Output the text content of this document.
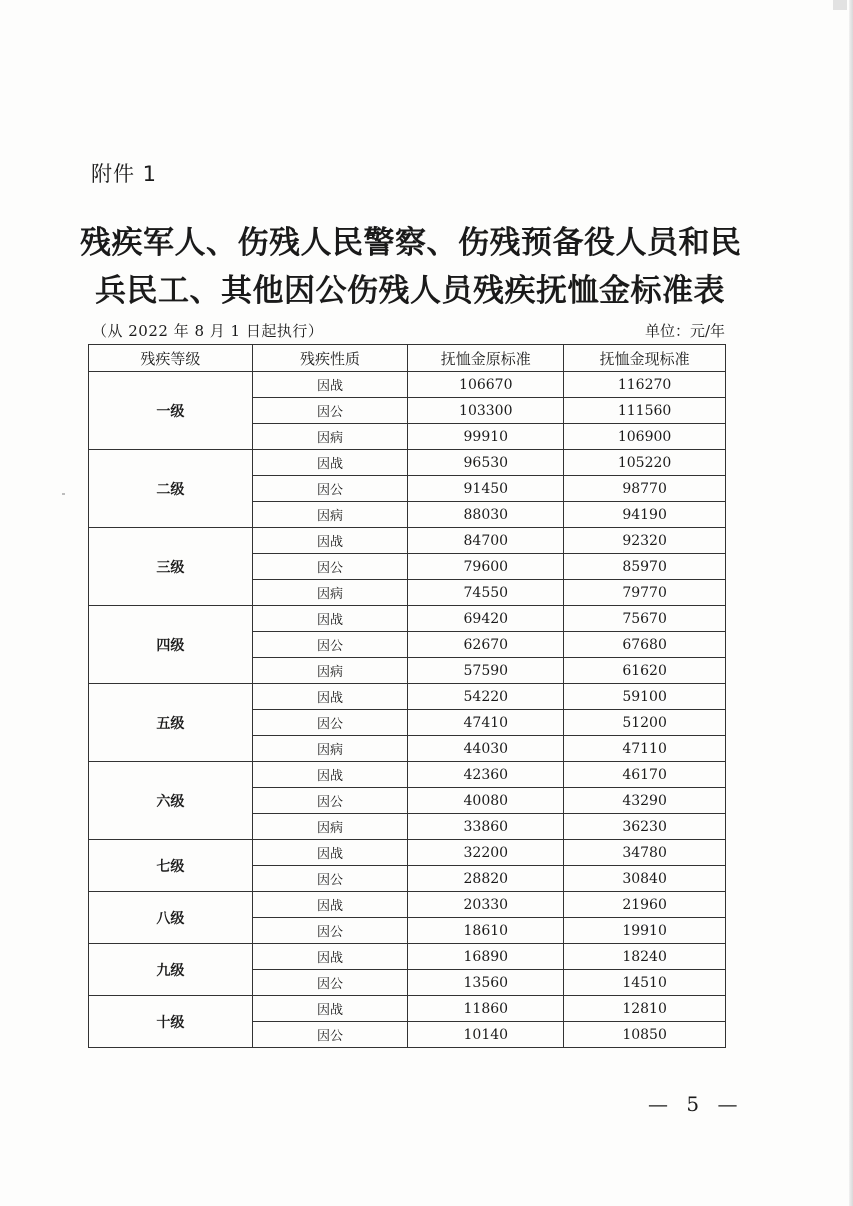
附件 1
残疾军人、伤残人民警察、伤残预备役人员和民
兵民工、其他因公伤残人员残疾抚恤金标准表
（从 2022 年 8 月 1 日起执行）	单位：元/年
残疾等级	残疾性质	抚恤金原标准	抚恤金现标准
一级	因战	106670	116270
	因公	103300	111560
	因病	99910	106900
二级	因战	96530	105220
	因公	91450	98770
	因病	88030	94190
三级	因战	84700	92320
	因公	79600	85970
	因病	74550	79770
四级	因战	69420	75670
	因公	62670	67680
	因病	57590	61620
五级	因战	54220	59100
	因公	47410	51200
	因病	44030	47110
六级	因战	42360	46170
	因公	40080	43290
	因病	33860	36230
七级	因战	32200	34780
	因公	28820	30840
八级	因战	20330	21960
	因公	18610	19910
九级	因战	16890	18240
	因公	13560	14510
十级	因战	11860	12810
	因公	10140	10850
— 5 —
